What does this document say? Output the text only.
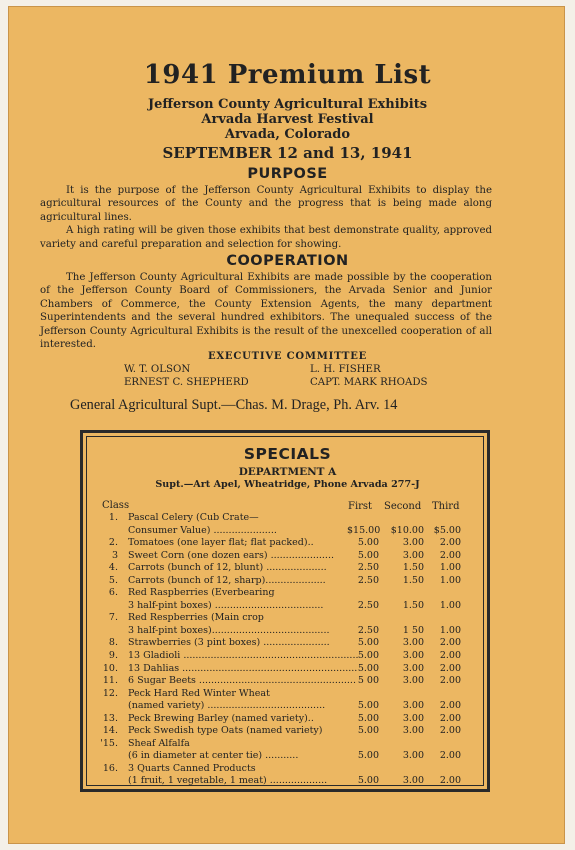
1941 Premium List
Jefferson County Agricultural Exhibits
Arvada Harvest Festival
Arvada, Colorado
SEPTEMBER 12 and 13, 1941
PURPOSE

It is the purpose of the Jefferson County Agricultural Exhibits to display the agricultural resources of the County and the progress that is being made along agricultural lines.

A high rating will be given those exhibits that best demonstrate quality, approved variety and careful preparation and selection for showing.

COOPERATION

The Jefferson County Agricultural Exhibits are made possible by the cooperation of the Jefferson County Board of Commissioners, the Arvada Senior and Junior Chambers of Commerce, the County Extension Agents, the many department Superintendents and the several hundred exhibitors. The unequaled success of the Jefferson County Agricultural Exhibits is the result of the unexcelled cooperation of all interested.

EXECUTIVE COMMITTEE
W. T. OLSON	L. H. FISHER
ERNEST C. SHEPHERD	CAPT. MARK RHOADS
General Agricultural Supt.—Chas. M. Drage, Ph. Arv. 14
SPECIALS
DEPARTMENT A
Supt.—Art Apel, Wheatridge, Phone Arvada 277-J
Class	First Second Third
1. Pascal Celery (Cub Crate—
Consumer Value) .....................	$15.00 $10.00 $5.00
2. Tomatoes (one layer flat; flat packed)..	5.00	3.00	2.00
3 Sweet Corn (one dozen ears) .....................	5.00	3.00	2.00
4. Carrots (bunch of 12, blunt) ....................	2.50	1.50	1.00
5. Carrots (bunch of 12, sharp)....................	2.50	1.50	1.00
6. Red Raspberries (Everbearing
3 half-pint boxes) ....................................	2.50	1.50	1.00
7. Red Respberries (Main crop
3 half-pint boxes).......................................	2.50	1 50	1.00
8. Strawberries (3 pint boxes) ......................	5.00	3.00	2.00
9. 13 Gladioli .......................................................... 5.00	3.00	2.00
10. 13 Dahlias .......................................................... 5.00	3.00	2.00
11. 6 Sugar Beets .................................................... 5 00	3.00	2.00
12. Peck Hard Red Winter Wheat
(named variety) .......................................	5.00	3.00	2.00
13. Peck Brewing Barley (named variety)..	5.00	3.00	2.00
14. Peck Swedish type Oats (named variety)	5.00	3.00	2.00
'15. Sheaf Alfalfa
(6 in diameter at center tie) ...........	5.00	3.00	2.00
16. 3 Quarts Canned Products
(1 fruit, 1 vegetable, 1 meat) ...................	5.00	3.00	2.00
